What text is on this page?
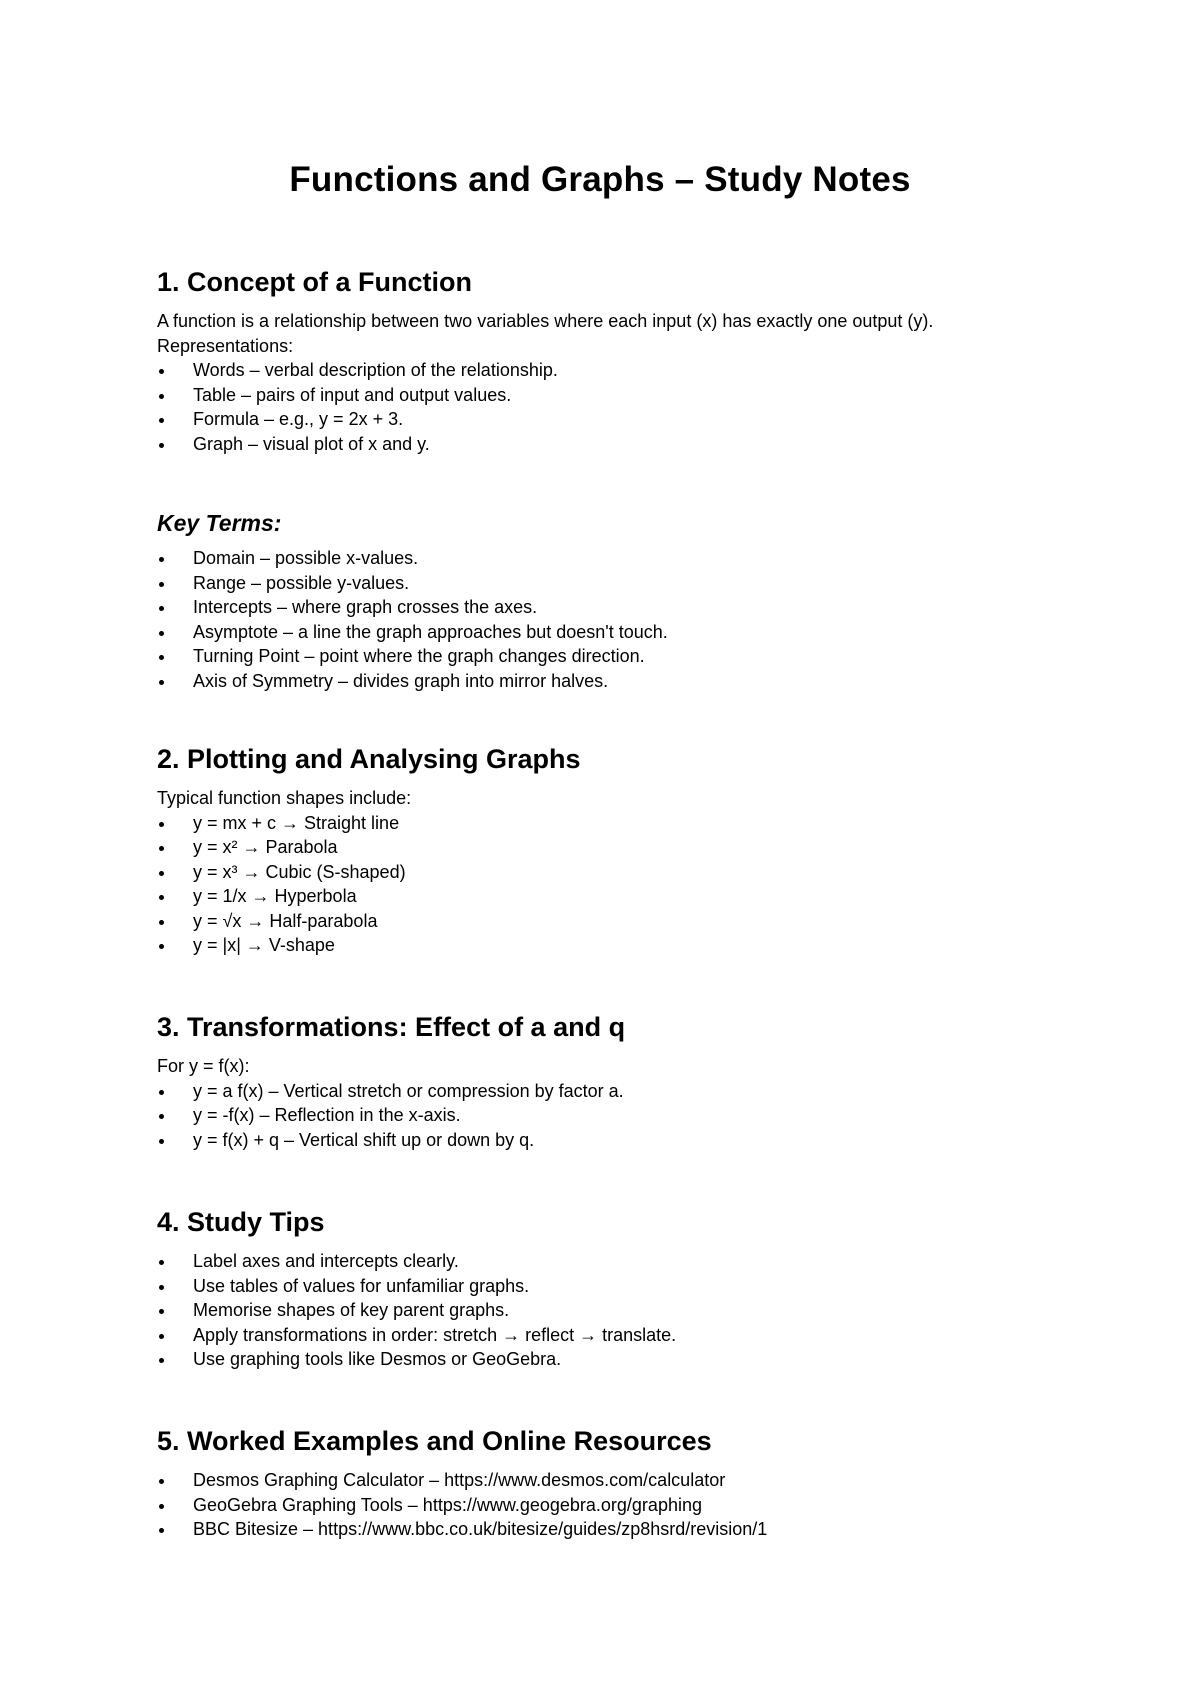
Functions and Graphs – Study Notes
1. Concept of a Function

A function is a relationship between two variables where each input (x) has exactly one output (y).

Representations:

Words – verbal description of the relationship.
Table – pairs of input and output values.
Formula – e.g., y = 2x + 3.
Graph – visual plot of x and y.
Key Terms:
Domain – possible x-values.
Range – possible y-values.
Intercepts – where graph crosses the axes.
Asymptote – a line the graph approaches but doesn't touch.
Turning Point – point where the graph changes direction.
Axis of Symmetry – divides graph into mirror halves.
2. Plotting and Analysing Graphs

Typical function shapes include:

y = mx + c → Straight line
y = x² → Parabola
y = x³ → Cubic (S-shaped)
y = 1/x → Hyperbola
y = √x → Half-parabola
y = |x| → V-shape
3. Transformations: Effect of a and q

For y = f(x):

y = a f(x) – Vertical stretch or compression by factor a.
y = -f(x) – Reflection in the x-axis.
y = f(x) + q – Vertical shift up or down by q.
4. Study Tips
Label axes and intercepts clearly.
Use tables of values for unfamiliar graphs.
Memorise shapes of key parent graphs.
Apply transformations in order: stretch → reflect → translate.
Use graphing tools like Desmos or GeoGebra.
5. Worked Examples and Online Resources
Desmos Graphing Calculator – https://www.desmos.com/calculator
GeoGebra Graphing Tools – https://www.geogebra.org/graphing
BBC Bitesize – https://www.bbc.co.uk/bitesize/guides/zp8hsrd/revision/1
